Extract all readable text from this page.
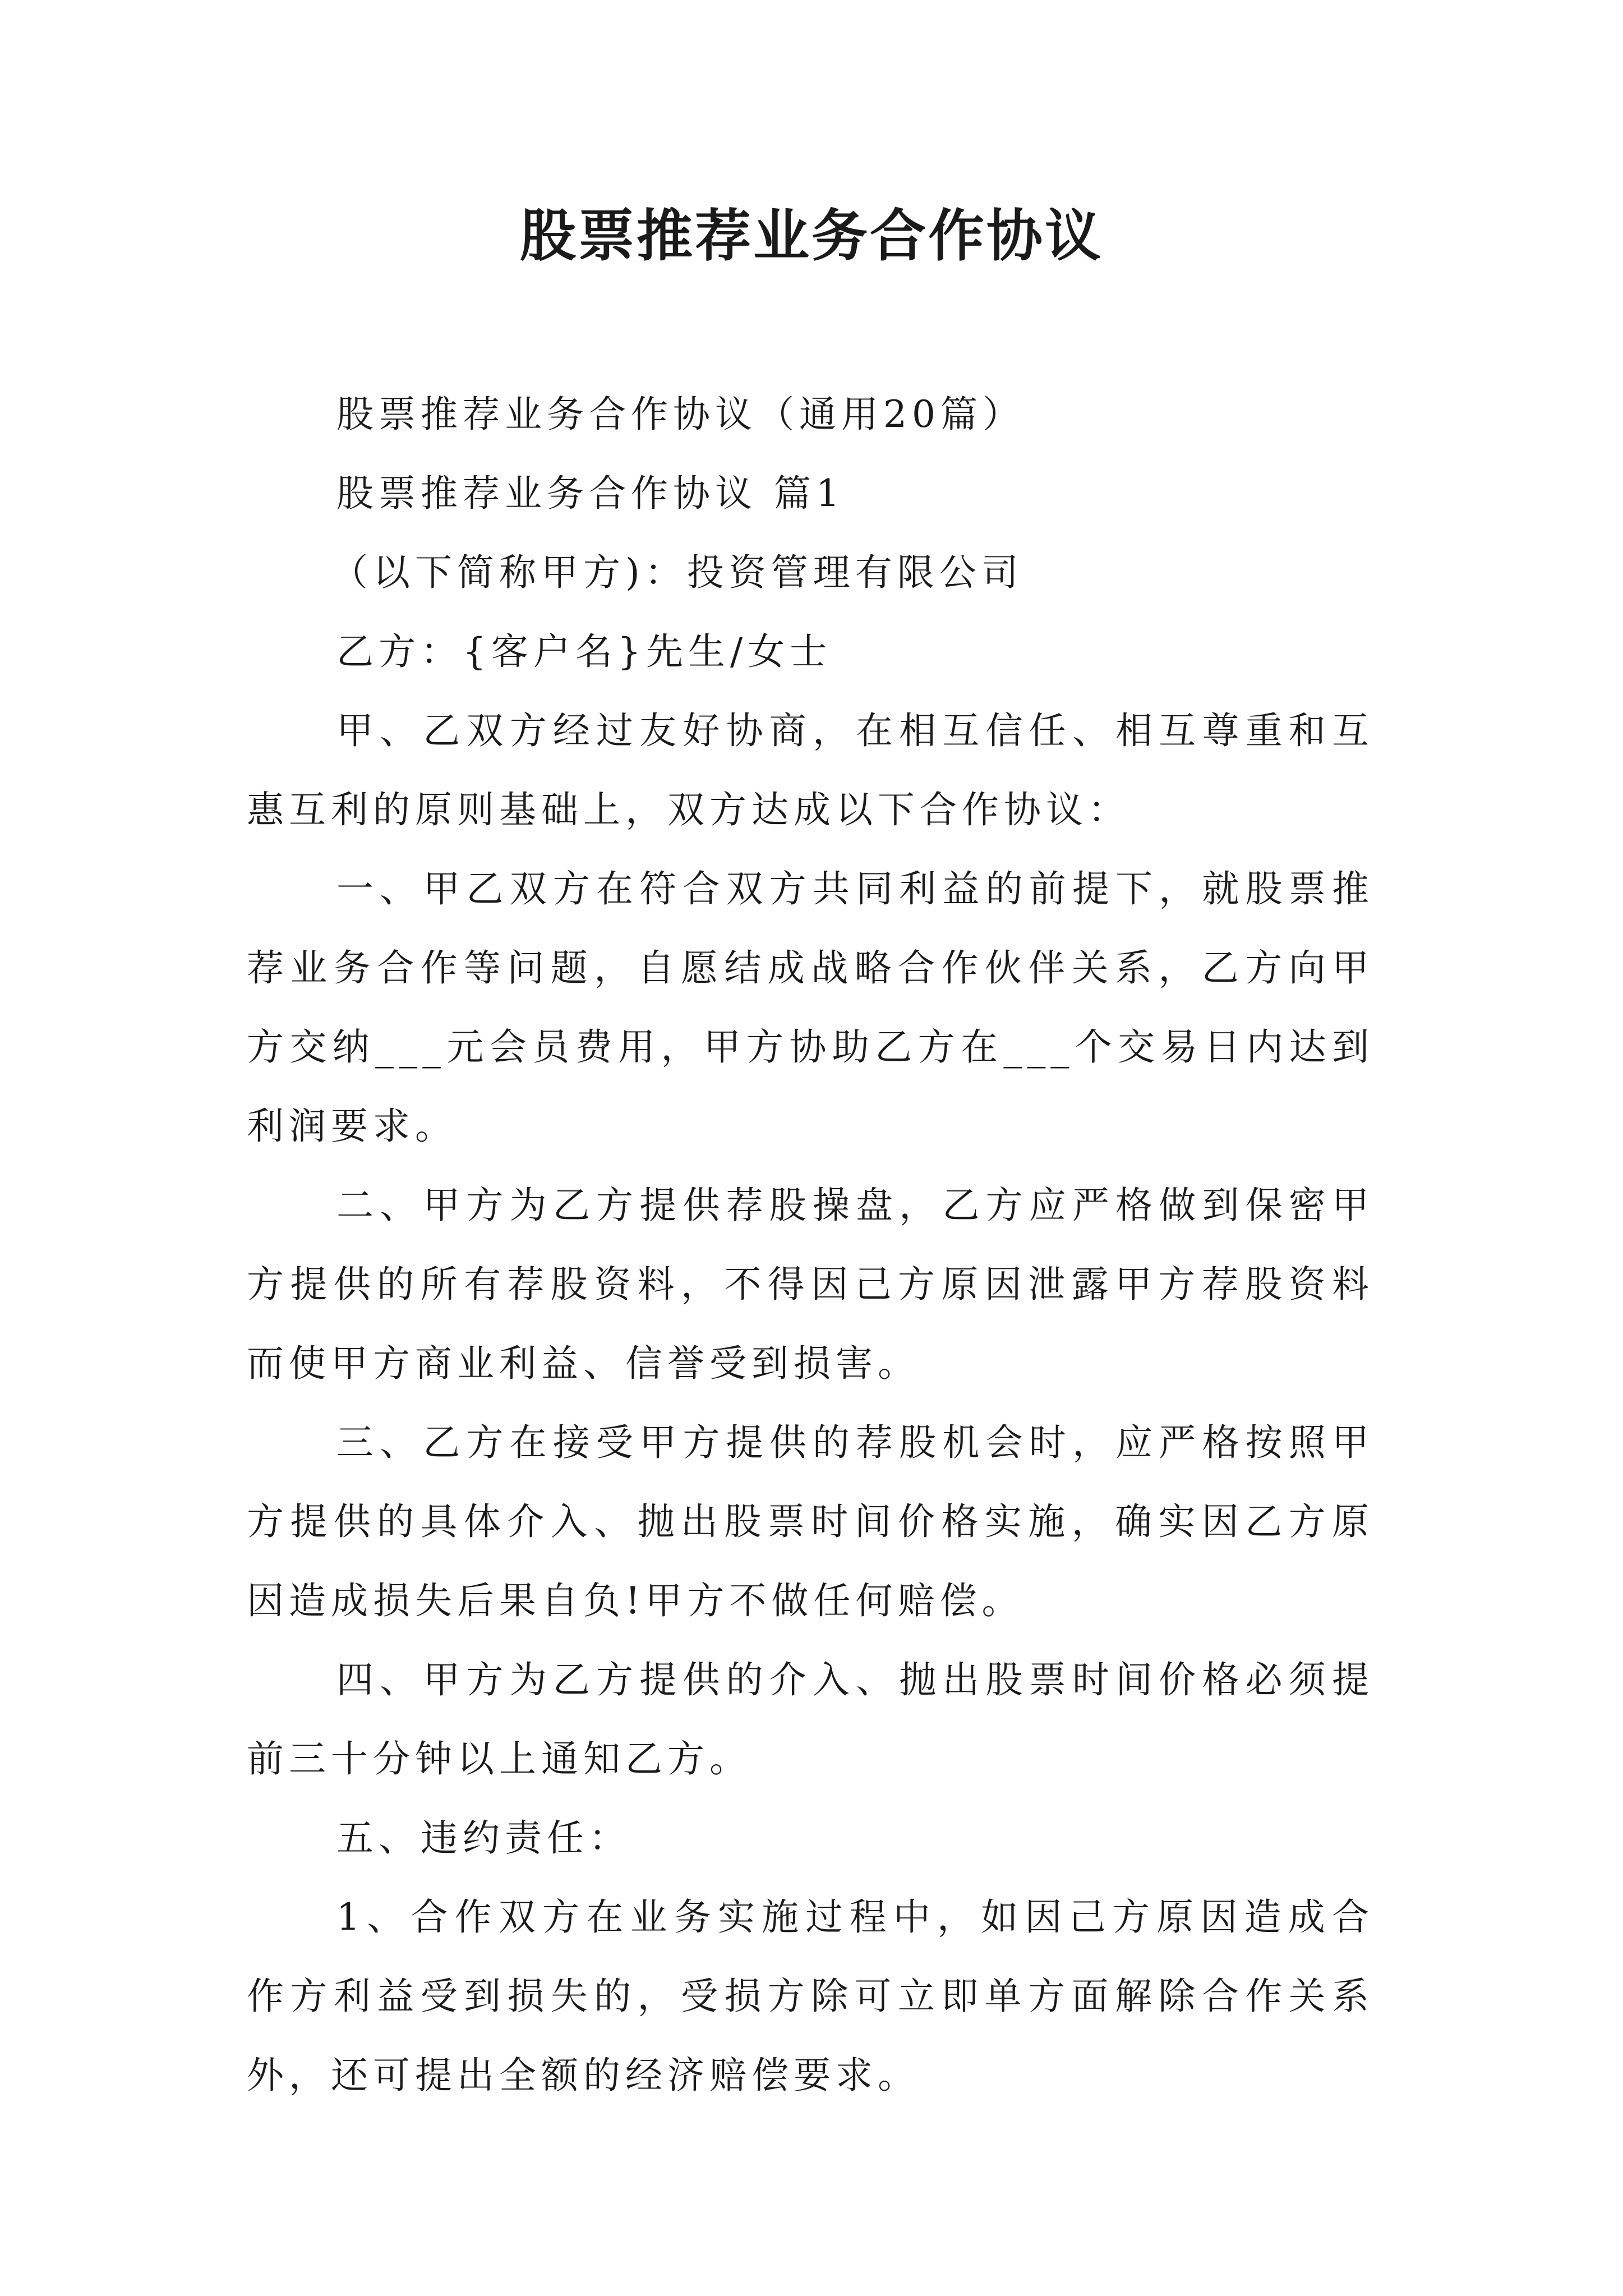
股票推荐业务合作协议

股票推荐业务合作协议（通用20篇）

股票推荐业务合作协议 篇1

（以下简称甲方)：投资管理有限公司

乙方：{客户名}先生/女士

甲、乙双方经过友好协商，在相互信任、相互尊重和互惠互利的原则基础上，双方达成以下合作协议：

一、甲乙双方在符合双方共同利益的前提下，就股票推荐业务合作等问题，自愿结成战略合作伙伴关系，乙方向甲方交纳___元会员费用，甲方协助乙方在___个交易日内达到利润要求。

二、甲方为乙方提供荐股操盘，乙方应严格做到保密甲方提供的所有荐股资料，不得因己方原因泄露甲方荐股资料而使甲方商业利益、信誉受到损害。

三、乙方在接受甲方提供的荐股机会时，应严格按照甲方提供的具体介入、抛出股票时间价格实施，确实因乙方原因造成损失后果自负!甲方不做任何赔偿。

四、甲方为乙方提供的介入、抛出股票时间价格必须提前三十分钟以上通知乙方。

五、违约责任：

1、合作双方在业务实施过程中，如因己方原因造成合作方利益受到损失的，受损方除可立即单方面解除合作关系外，还可提出全额的经济赔偿要求。
